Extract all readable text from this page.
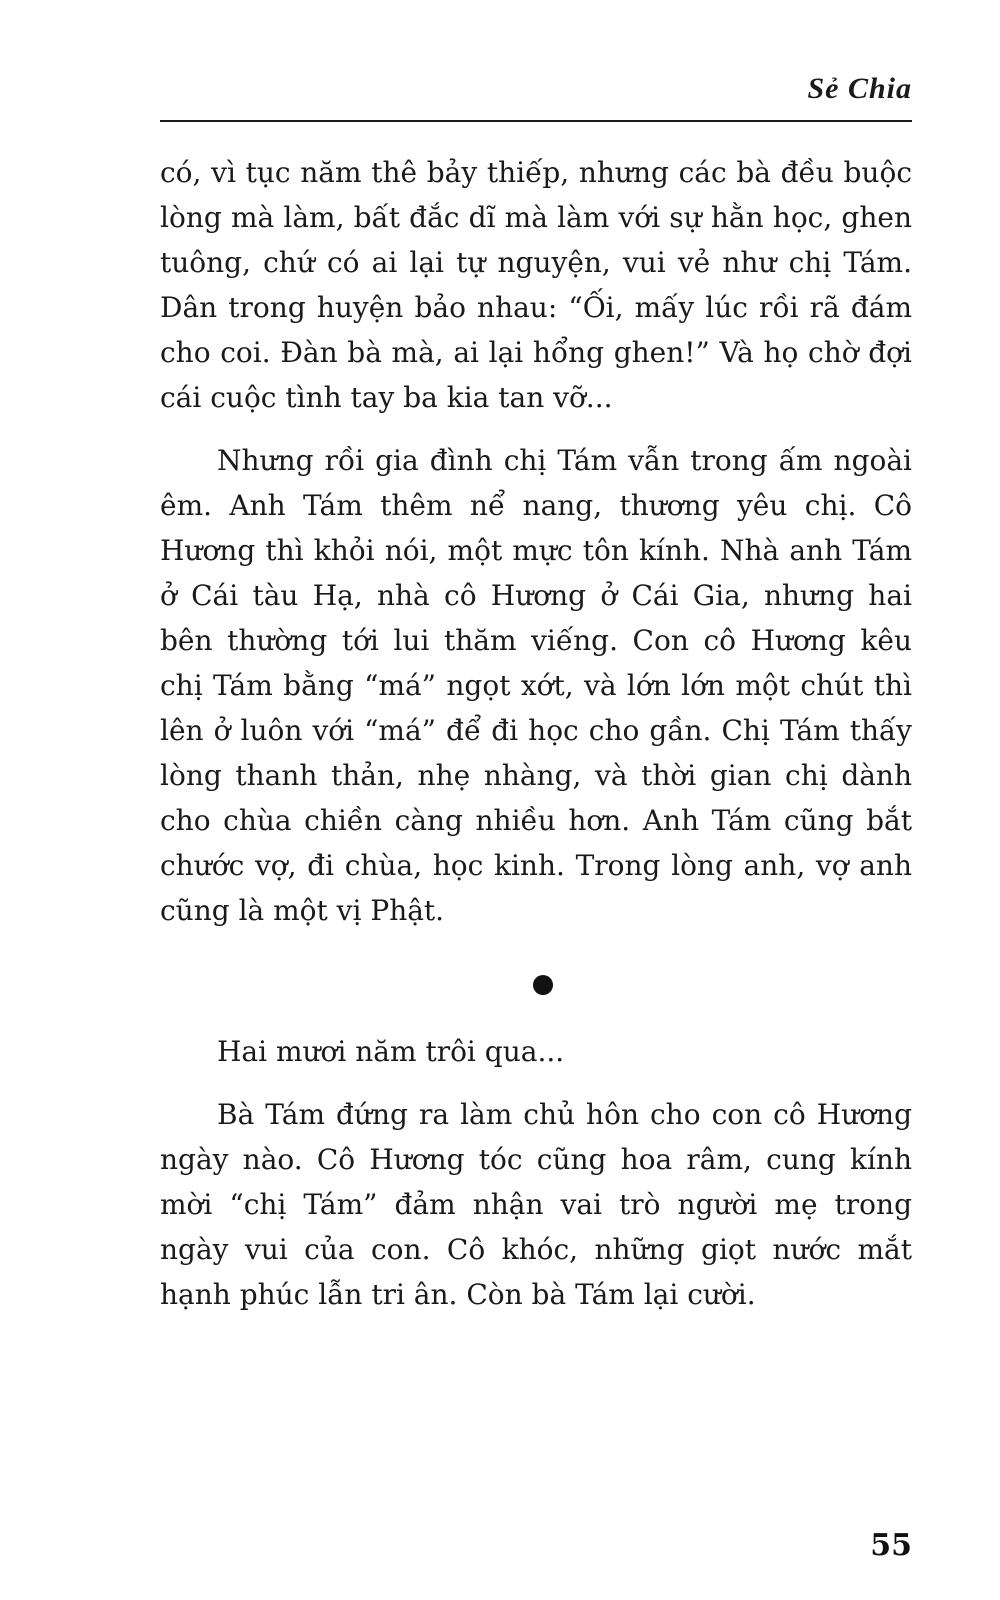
Sẻ Chia

có, vì tục năm thê bảy thiếp, nhưng các bà đều buộc lòng mà làm, bất đắc dĩ mà làm với sự hằn học, ghen tuông, chứ có ai lại tự nguyện, vui vẻ như chị Tám. Dân trong huyện bảo nhau: “Ối, mấy lúc rồi rã đám cho coi. Đàn bà mà, ai lại hổng ghen!” Và họ chờ đợi cái cuộc tình tay ba kia tan vỡ...

Nhưng rồi gia đình chị Tám vẫn trong ấm ngoài êm. Anh Tám thêm nể nang, thương yêu chị. Cô Hương thì khỏi nói, một mực tôn kính. Nhà anh Tám ở Cái tàu Hạ, nhà cô Hương ở Cái Gia, nhưng hai bên thường tới lui thăm viếng. Con cô Hương kêu chị Tám bằng “má” ngọt xớt, và lớn lớn một chút thì lên ở luôn với “má” để đi học cho gần. Chị Tám thấy lòng thanh thản, nhẹ nhàng, và thời gian chị dành cho chùa chiền càng nhiều hơn. Anh Tám cũng bắt chước vợ, đi chùa, học kinh. Trong lòng anh, vợ anh cũng là một vị Phật.

Hai mươi năm trôi qua...

Bà Tám đứng ra làm chủ hôn cho con cô Hương ngày nào. Cô Hương tóc cũng hoa râm, cung kính mời “chị Tám” đảm nhận vai trò người mẹ trong ngày vui của con. Cô khóc, những giọt nước mắt hạnh phúc lẫn tri ân. Còn bà Tám lại cười.

55
